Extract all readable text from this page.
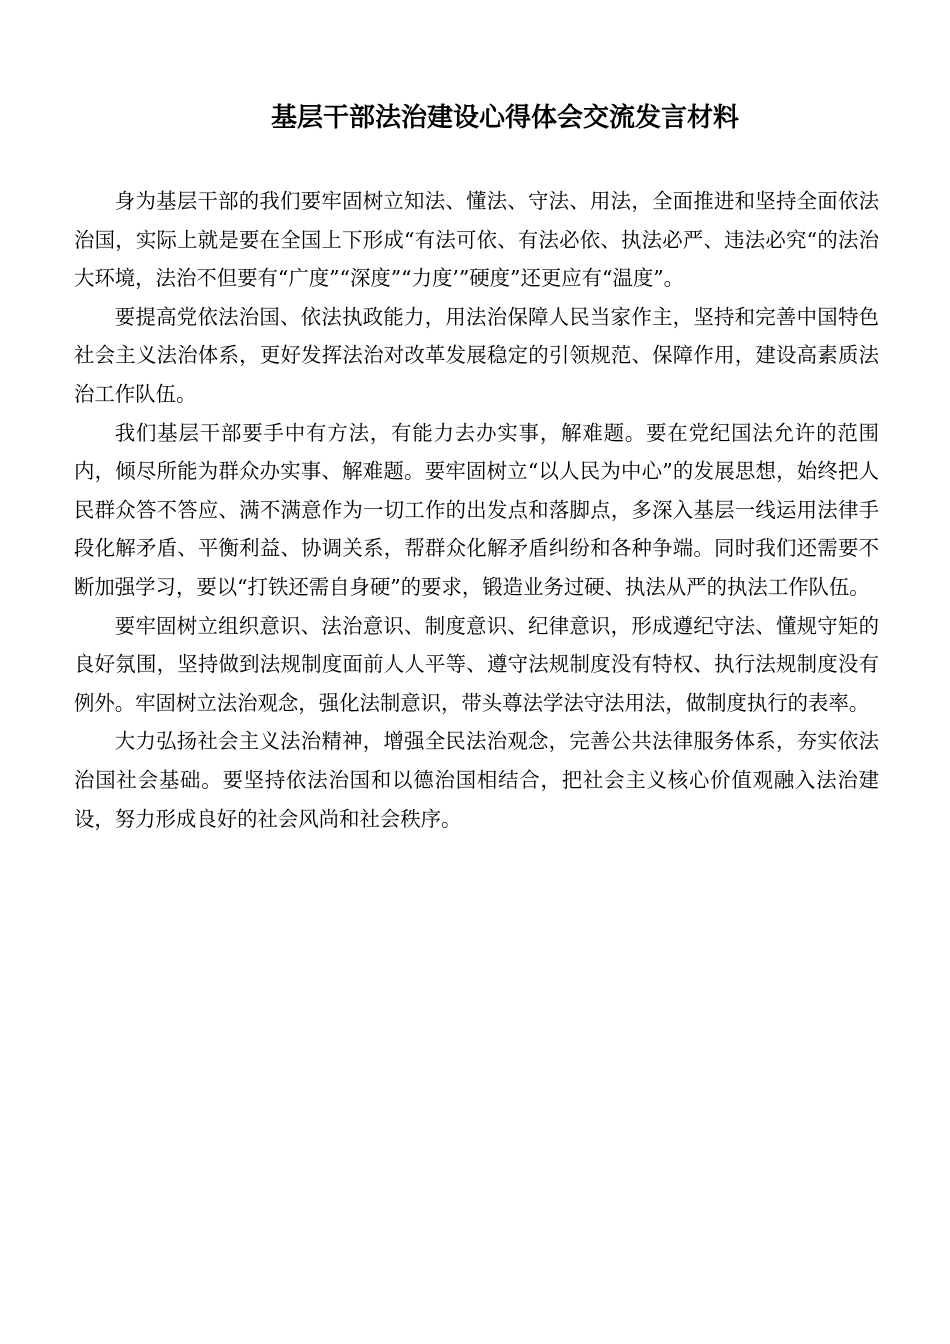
基层干部法治建设心得体会交流发言材料

身为基层干部的我们要牢固树立知法、懂法、守法、用法，全面推进和坚持全面依法治国，实际上就是要在全国上下形成“有法可依、有法必依、执法必严、违法必究“的法治大环境，法治不但要有“广度”“深度”“力度’”硬度”还更应有“温度”。

要提高党依法治国、依法执政能力，用法治保障人民当家作主，坚持和完善中国特色社会主义法治体系，更好发挥法治对改革发展稳定的引领规范、保障作用，建设高素质法治工作队伍。

我们基层干部要手中有方法，有能力去办实事，解难题。要在党纪国法允许的范围内，倾尽所能为群众办实事、解难题。要牢固树立“以人民为中心”的发展思想，始终把人民群众答不答应、满不满意作为一切工作的出发点和落脚点，多深入基层一线运用法律手段化解矛盾、平衡利益、协调关系，帮群众化解矛盾纠纷和各种争端。同时我们还需要不断加强学习，要以“打铁还需自身硬”的要求，锻造业务过硬、执法从严的执法工作队伍。

要牢固树立组织意识、法治意识、制度意识、纪律意识，形成遵纪守法、懂规守矩的良好氛围，坚持做到法规制度面前人人平等、遵守法规制度没有特权、执行法规制度没有例外。牢固树立法治观念，强化法制意识，带头尊法学法守法用法，做制度执行的表率。

大力弘扬社会主义法治精神，增强全民法治观念，完善公共法律服务体系，夯实依法治国社会基础。要坚持依法治国和以德治国相结合，把社会主义核心价值观融入法治建设，努力形成良好的社会风尚和社会秩序。
